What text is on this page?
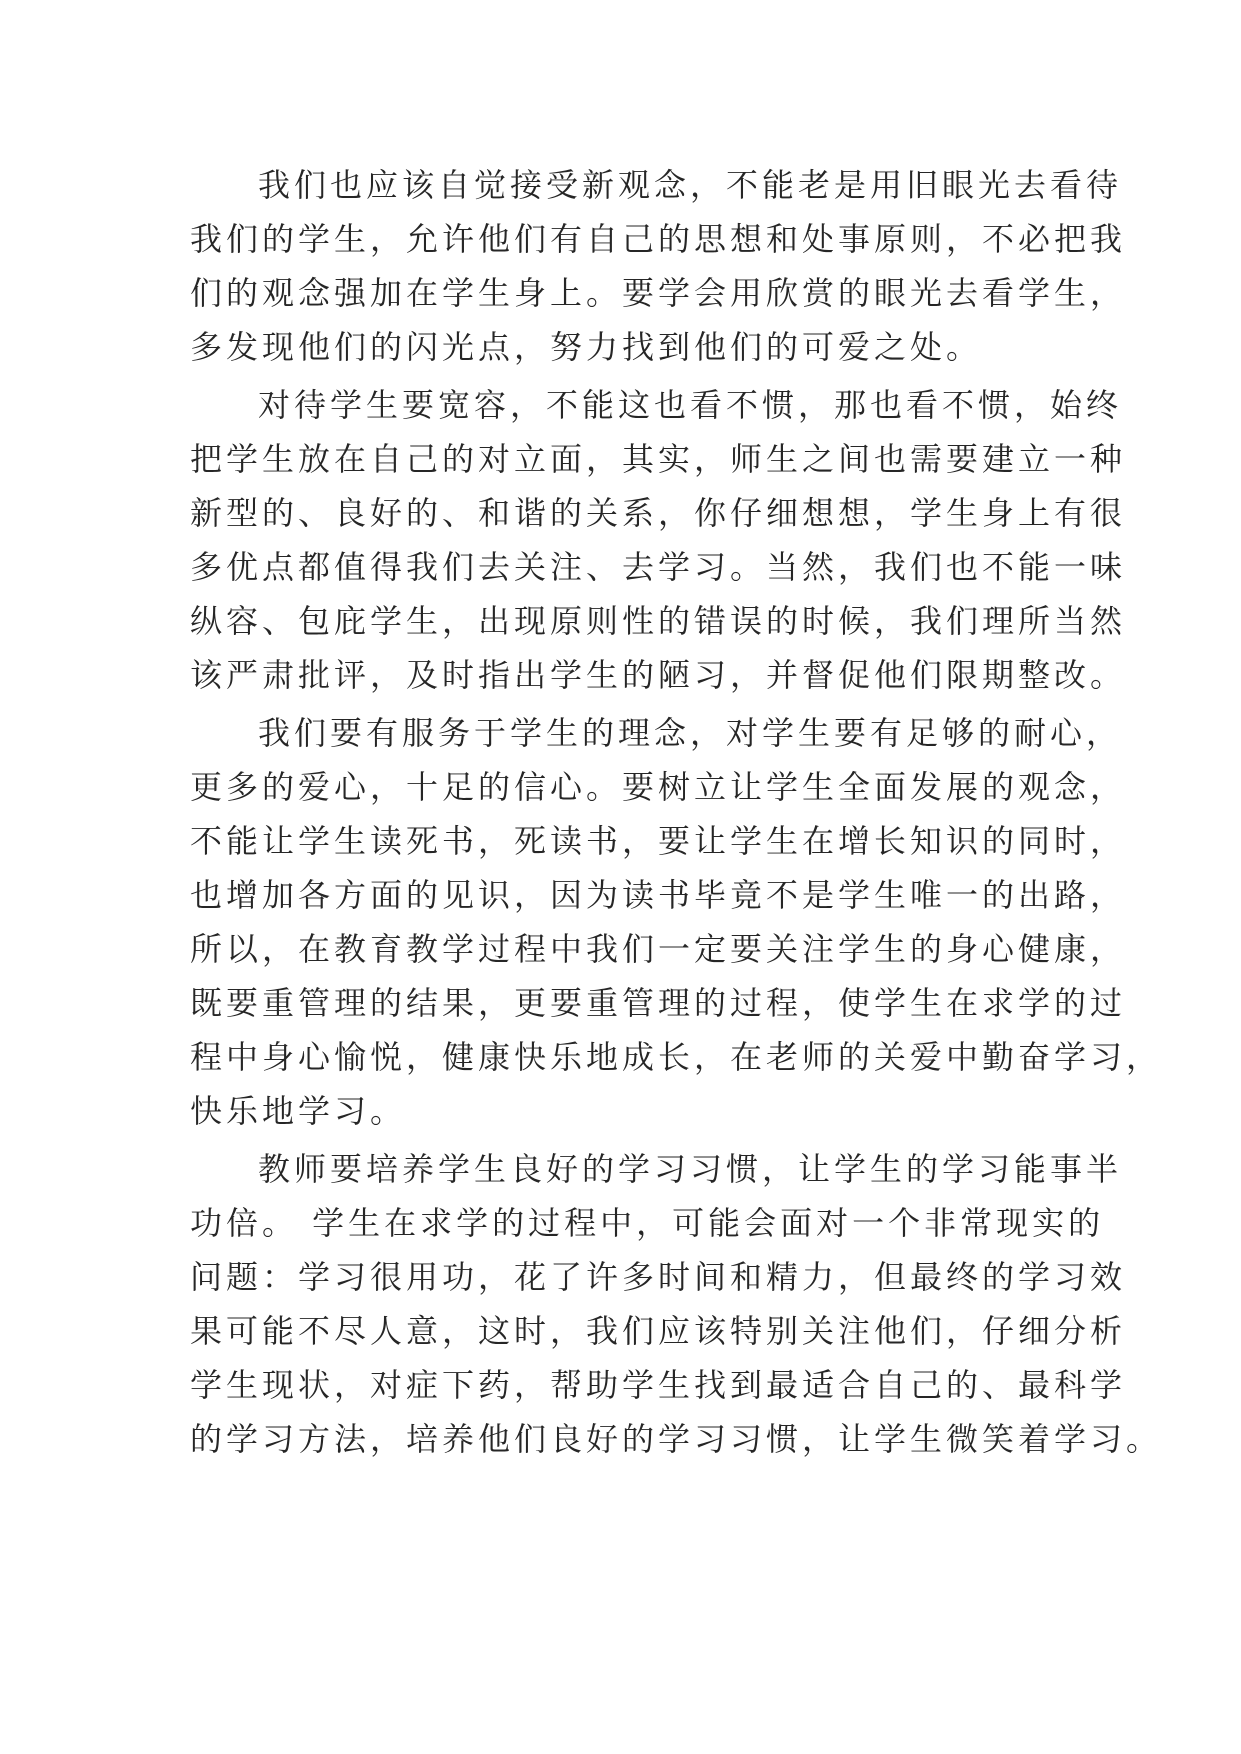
我们也应该自觉接受新观念，不能老是用旧眼光去看待
我们的学生，允许他们有自己的思想和处事原则，不必把我
们的观念强加在学生身上。要学会用欣赏的眼光去看学生，
多发现他们的闪光点，努力找到他们的可爱之处。
对待学生要宽容，不能这也看不惯，那也看不惯，始终
把学生放在自己的对立面，其实，师生之间也需要建立一种
新型的、良好的、和谐的关系，你仔细想想，学生身上有很
多优点都值得我们去关注、去学习。当然，我们也不能一味
纵容、包庇学生，出现原则性的错误的时候，我们理所当然
该严肃批评，及时指出学生的陋习，并督促他们限期整改。
我们要有服务于学生的理念，对学生要有足够的耐心，
更多的爱心，十足的信心。要树立让学生全面发展的观念，
不能让学生读死书，死读书，要让学生在增长知识的同时，
也增加各方面的见识，因为读书毕竟不是学生唯一的出路，
所以，在教育教学过程中我们一定要关注学生的身心健康，
既要重管理的结果，更要重管理的过程，使学生在求学的过
程中身心愉悦，健康快乐地成长，在老师的关爱中勤奋学习，
快乐地学习。
教师要培养学生良好的学习习惯，让学生的学习能事半
功倍。 学生在求学的过程中，可能会面对一个非常现实的
问题：学习很用功，花了许多时间和精力，但最终的学习效
果可能不尽人意，这时，我们应该特别关注他们，仔细分析
学生现状，对症下药，帮助学生找到最适合自己的、最科学
的学习方法，培养他们良好的学习习惯，让学生微笑着学习。
